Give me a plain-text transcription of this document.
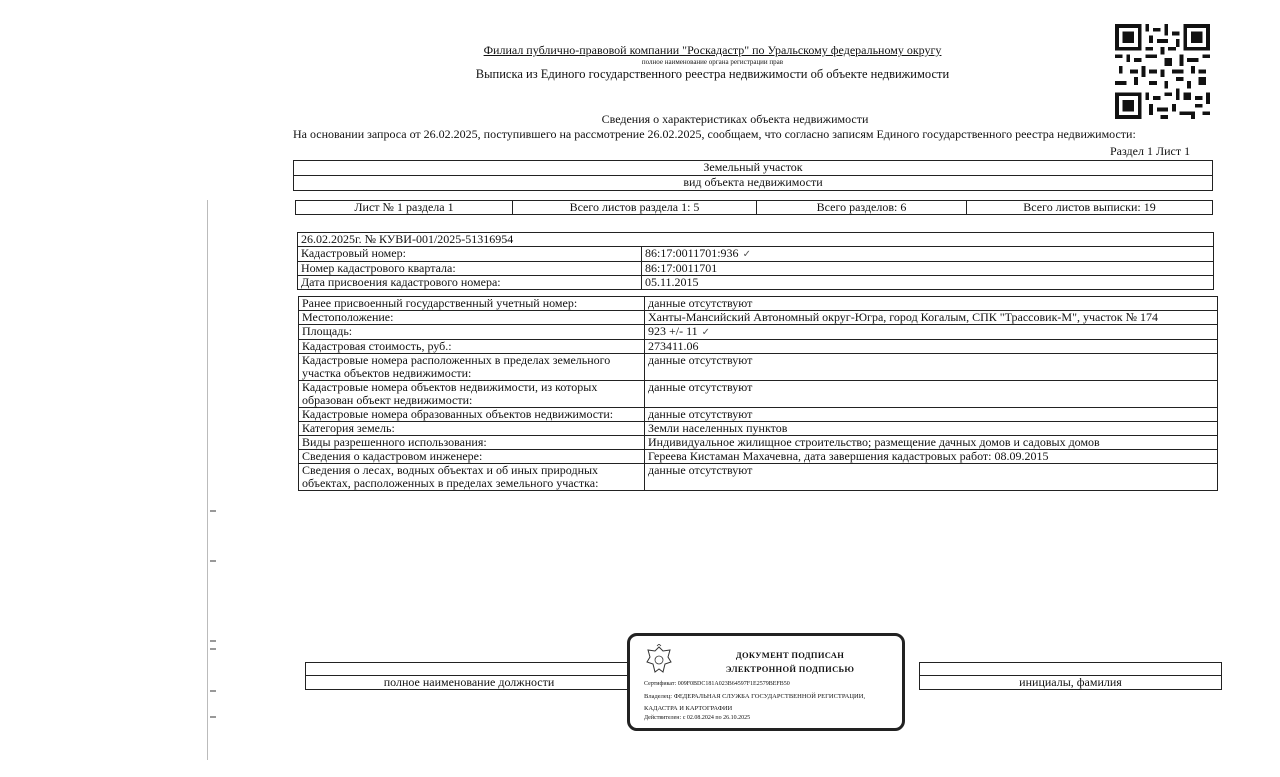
Филиал публично-правовой компании "Роскадастр" по Уральскому федеральному округу
полное наименование органа регистрации прав
Выписка из Единого государственного реестра недвижимости об объекте недвижимости
Сведения о характеристиках объекта недвижимости
На основании запроса от 26.02.2025, поступившего на рассмотрение 26.02.2025, сообщаем, что согласно записям Единого государственного реестра недвижимости:
Раздел 1 Лист 1
Земельный участок
вид объекта недвижимости
Лист № 1 раздела 1	Всего листов раздела 1: 5	Всего разделов: 6	Всего листов выписки: 19
26.02.2025г. № КУВИ-001/2025-51316954	
Кадастровый номер:	86:17:0011701:936 ✓
Номер кадастрового квартала:	86:17:0011701
Дата присвоения кадастрового номера:	05.11.2015
Ранее присвоенный государственный учетный номер:	данные отсутствуют
Местоположение:	Ханты-Мансийский Автономный округ-Югра, город Когалым, СПК "Трассовик-М", участок № 174
Площадь:	923 +/- 11 ✓
Кадастровая стоимость, руб.:	273411.06
Кадастровые номера расположенных в пределах земельного участка объектов недвижимости:	данные отсутствуют
Кадастровые номера объектов недвижимости, из которых образован объект недвижимости:	данные отсутствуют
Кадастровые номера образованных объектов недвижимости:	данные отсутствуют
Категория земель:	Земли населенных пунктов
Виды разрешенного использования:	Индивидуальное жилищное строительство; размещение дачных домов и садовых домов
Сведения о кадастровом инженере:	Гереева Кистаман Махачевна, дата завершения кадастровых работ: 08.09.2015
Сведения о лесах, водных объектах и об иных природных объектах, расположенных в пределах земельного участка:	данные отсутствуют

полное наименование должности		инициалы, фамилия
ДОКУМЕНТ ПОДПИСАН
ЭЛЕКТРОННОЙ ПОДПИСЬЮ
Сертификат: 009F0BDC181A023B64597F1E2579BEFB50
Владелец: ФЕДЕРАЛЬНАЯ СЛУЖБА ГОСУДАРСТВЕННОЙ РЕГИСТРАЦИИ, КАДАСТРА И КАРТОГРАФИИ
Действителен: с 02.08.2024 по 26.10.2025
